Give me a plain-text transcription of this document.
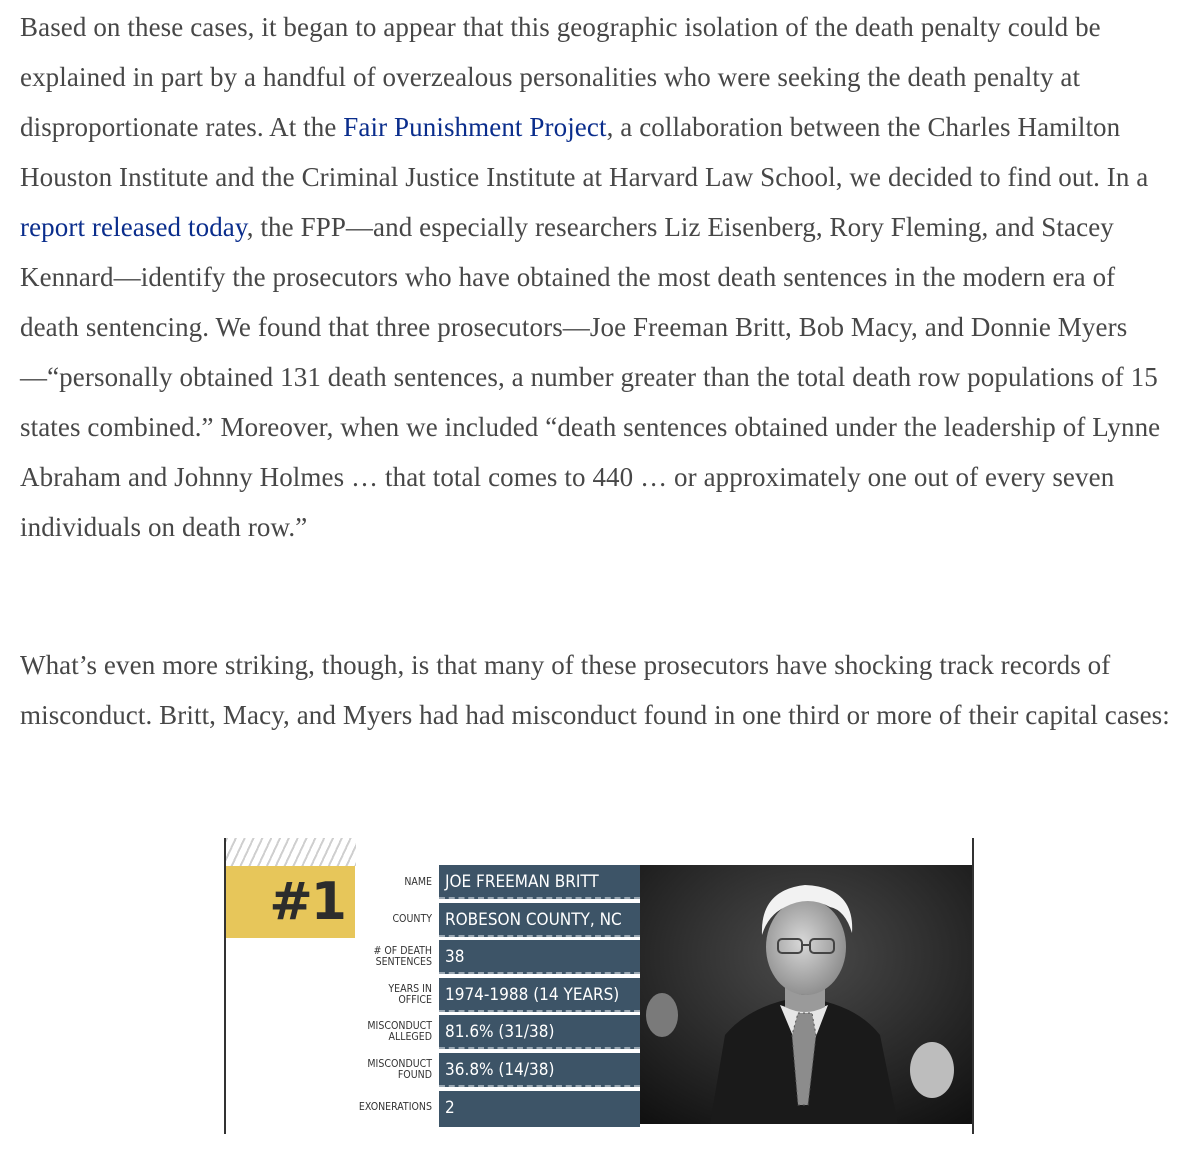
Based on these cases, it began to appear that this geographic isolation of the death penalty could be explained in part by a handful of overzealous personalities who were seeking the death penalty at disproportionate rates. At the Fair Punishment Project, a collaboration between the Charles Hamilton Houston Institute and the Criminal Justice Institute at Harvard Law School, we decided to find out. In a report released today, the FPP—and especially researchers Liz Eisenberg, Rory Fleming, and Stacey Kennard—identify the prosecutors who have obtained the most death sentences in the modern era of death sentencing. We found that three prosecutors—Joe Freeman Britt, Bob Macy, and Donnie Myers—“personally obtained 131 death sentences, a number greater than the total death row populations of 15 states combined.” Moreover, when we included “death sentences obtained under the leadership of Lynne Abraham and Johnny Holmes … that total comes to 440 … or approximately one out of every seven individuals on death row.”

What’s even more striking, though, is that many of these prosecutors have shocking track records of misconduct. Britt, Macy, and Myers had had misconduct found in one third or more of their capital cases:

#1	NAME JOE FREEMAN BRITT
COUNTY ROBESON COUNTY, NC
# OF DEATH
SENTENCES 38
YEARS IN
OFFICE 1974-1988 (14 YEARS)
MISCONDUCT
ALLEGED 81.6% (31/38)
MISCONDUCT
FOUND 36.8% (14/38)
EXONERATIONS 2
